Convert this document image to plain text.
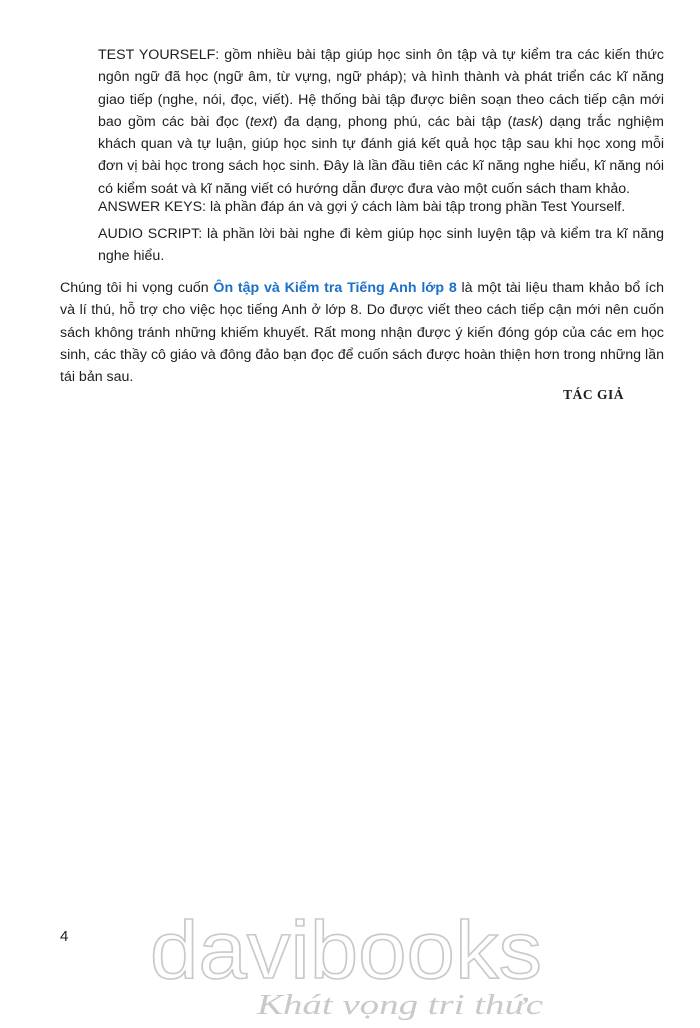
TEST YOURSELF: gồm nhiều bài tập giúp học sinh ôn tập và tự kiểm tra các kiến thức ngôn ngữ đã học (ngữ âm, từ vựng, ngữ pháp); và hình thành và phát triển các kĩ năng giao tiếp (nghe, nói, đọc, viết). Hệ thống bài tập được biên soạn theo cách tiếp cận mới bao gồm các bài đọc (text) đa dạng, phong phú, các bài tập (task) dạng trắc nghiệm khách quan và tự luận, giúp học sinh tự đánh giá kết quả học tập sau khi học xong mỗi đơn vị bài học trong sách học sinh. Đây là lần đầu tiên các kĩ năng nghe hiểu, kĩ năng nói có kiểm soát và kĩ năng viết có hướng dẫn được đưa vào một cuốn sách tham khảo.

ANSWER KEYS: là phần đáp án và gợi ý cách làm bài tập trong phần Test Yourself.

AUDIO SCRIPT: là phần lời bài nghe đi kèm giúp học sinh luyện tập và kiểm tra kĩ năng nghe hiểu.

Chúng tôi hi vọng cuốn Ôn tập và Kiểm tra Tiếng Anh lớp 8 là một tài liệu tham khảo bổ ích và lí thú, hỗ trợ cho việc học tiếng Anh ở lớp 8. Do được viết theo cách tiếp cận mới nên cuốn sách không tránh những khiếm khuyết. Rất mong nhận được ý kiến đóng góp của các em học sinh, các thầy cô giáo và đông đảo bạn đọc để cuốn sách được hoàn thiện hơn trong những lần tái bản sau.

TÁC GIẢ

4 davibooks
Khát vọng tri thức
